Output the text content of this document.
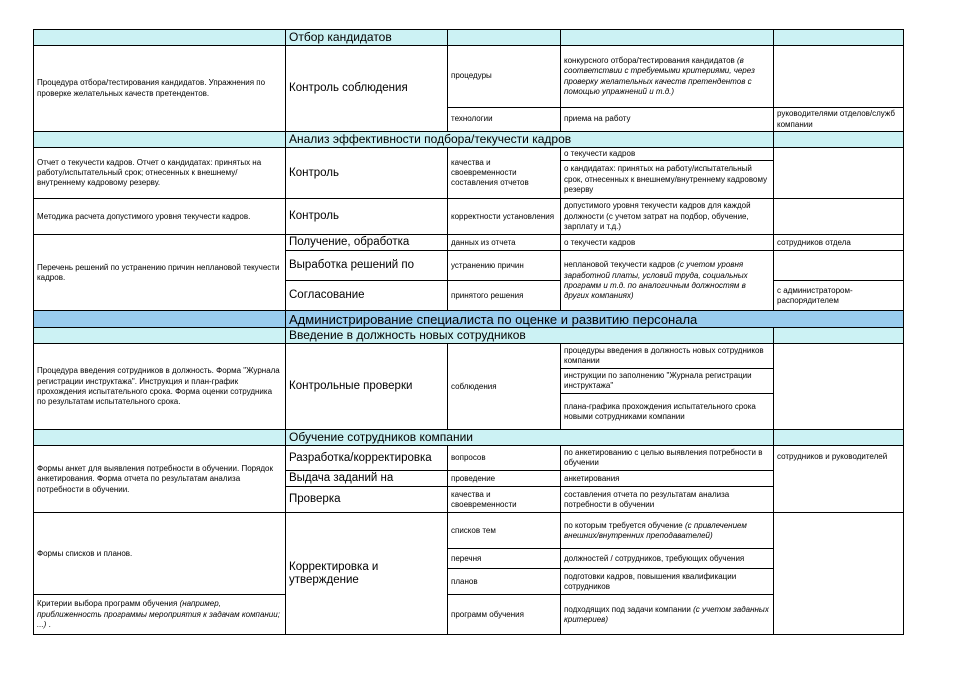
	Отбор кандидатов			
Процедура отбора/тестирования кандидатов. Упражнения по проверке желательных качеств претендентов.	Контроль соблюдения	процедуры	конкурсного отбора/тестирования кандидатов (в соответствии с требуемыми критериями, через проверку желательных качеств претендентов с помощью упражнений и т.д.)	
		технологии	приема на работу	руководителями отделов/служб компании
	Анализ эффективности подбора/текучести кадров			
Отчет о текучести кадров. Отчет о кандидатах: принятых на работу/испытательный срок; отнесенных к внешнему/внутреннему кадровому резерву.	Контроль	качества и своевременности составления отчетов	о текучести кадров	
			о кандидатах: принятых на работу/испытательный срок, отнесенных к внешнему/внутреннему кадровому резерву	
Методика расчета допустимого уровня текучести кадров.	Контроль	корректности установления	допустимого уровня текучести кадров для каждой должности (с учетом затрат на подбор, обучение, зарплату и т.д.)	
Перечень решений по устранению причин неплановой текучести кадров.	Получение, обработка	данных из отчета	о текучести кадров	сотрудников отдела
	Выработка решений по	устранению причин	неплановой текучести кадров (с учетом уровня заработной платы, условий труда, социальных программ и т.д. по аналогичным должностям в других компаниях)	
	Согласование	принятого решения		с администратором-распорядителем
	Администрирование специалиста по оценке и развитию персонала			
	Введение в должность новых сотрудников			
Процедура введения сотрудников в должность. Форма "Журнала регистрации инструктажа". Инструкция и план-график прохождения испытательного срока. Форма оценки сотрудника по результатам испытательного срока.	Контрольные проверки	соблюдения	процедуры введения в должность новых сотрудников компании	
			инструкции по заполнению "Журнала регистрации инструктажа"	
			плана-графика прохождения испытательного срока новыми сотрудниками компании	
	Обучение сотрудников компании			
Формы анкет для выявления потребности в обучении. Порядок анкетирования. Форма отчета по результатам анализа потребности в обучении.	Разработка/корректировка	вопросов	по анкетированию с целью выявления потребности в обучении	сотрудников и руководителей
	Выдача заданий на	проведение	анкетирования	
	Проверка	качества и своевременности	составления отчета по результатам анализа потребности в обучении	
Формы списков и планов.	Корректировка и утверждение	списков тем	по которым требуется обучение (с привлечением внешних/внутренних преподавателей)	
		перечня	должностей / сотрудников, требующих обучения	
		планов	подготовки кадров, повышения квалификации сотрудников	
Критерии выбора программ обучения (например, приближенность программы мероприятия к задачам компании; ...) .		программ обучения	подходящих под задачи компании (с учетом заданных критериев)	
